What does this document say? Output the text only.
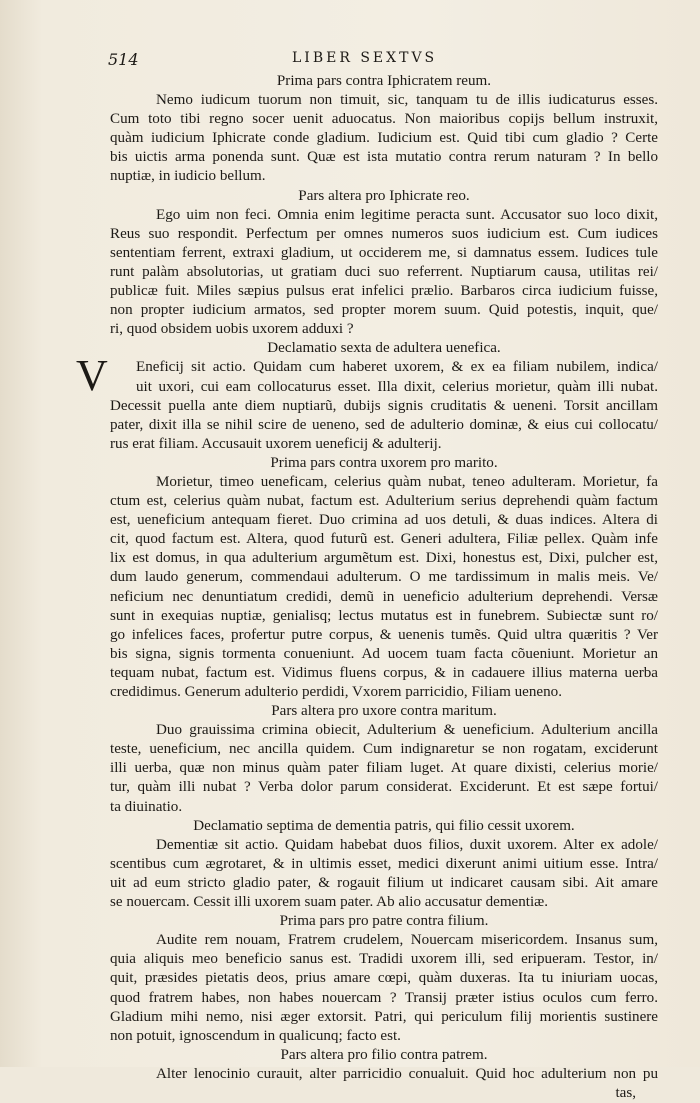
514	LIBER SEXTVS
Prima pars contra Iphicratem reum.
Nemo iudicum tuorum non timuit, sic, tanquam tu de illis iudicaturus esses.
Cum toto tibi regno socer uenit aduocatus. Non maioribus copijs bellum instruxit,
quàm iudicium Iphicrate conde gladium. Iudicium est. Quid tibi cum gladio ? Certe
bis uictis arma ponenda sunt. Quæ est ista mutatio contra rerum naturam ? In bello
nuptiæ, in iudicio bellum.
Pars altera pro Iphicrate reo.
Ego uim non feci. Omnia enim legitime peracta sunt. Accusator suo loco dixit,
Reus suo respondit. Perfectum per omnes numeros suos iudicium est. Cum iudices
sententiam ferrent, extraxi gladium, ut occiderem me, si damnatus essem. Iudices tule
runt palàm absolutorias, ut gratiam duci suo referrent. Nuptiarum causa, utilitas rei/
publicæ fuit. Miles sæpius pulsus erat infelici prælio. Barbaros circa iudicium fuisse,
non propter iudicium armatos, sed propter morem suum. Quid potestis, inquit, que/
ri, quod obsidem uobis uxorem adduxi ?
Declamatio sexta de adultera uenefica.
V Eneficij sit actio. Quidam cum haberet uxorem, & ex ea filiam nubilem, indica/
uit uxori, cui eam collocaturus esset. Illa dixit, celerius morietur, quàm illi nubat.
Decessit puella ante diem nuptiarũ, dubijs signis cruditatis & ueneni. Torsit ancillam
pater, dixit illa se nihil scire de ueneno, sed de adulterio dominæ, & eius cui collocatu/
rus erat filiam. Accusauit uxorem ueneficij & adulterij.
Prima pars contra uxorem pro marito.
Morietur, timeo ueneficam, celerius quàm nubat, teneo adulteram. Morietur, fa
ctum est, celerius quàm nubat, factum est. Adulterium serius deprehendi quàm factum
est, ueneficium antequam fieret. Duo crimina ad uos detuli, & duas indices. Altera di
cit, quod factum est. Altera, quod futurũ est. Generi adultera, Filiæ pellex. Quàm infe
lix est domus, in qua adulterium argumẽtum est. Dixi, honestus est, Dixi, pulcher est,
dum laudo generum, commendaui adulterum. O me tardissimum in malis meis. Ve/
neficium nec denuntiatum credidi, demũ in ueneficio adulterium deprehendi. Versæ
sunt in exequias nuptiæ, genialisq; lectus mutatus est in funebrem. Subiectæ sunt ro/
go infelices faces, profertur putre corpus, & uenenis tumẽs. Quid ultra quæritis ? Ver
bis signa, signis tormenta conueniunt. Ad uocem tuam facta cõueniunt. Morietur an
tequam nubat, factum est. Vidimus fluens corpus, & in cadauere illius materna uerba
credidimus. Generum adulterio perdidi, Vxorem parricidio, Filiam ueneno.
Pars altera pro uxore contra maritum.
Duo grauissima crimina obiecit, Adulterium & ueneficium. Adulterium ancilla
teste, ueneficium, nec ancilla quidem. Cum indignaretur se non rogatam, exciderunt
illi uerba, quæ non minus quàm pater filiam luget. At quare dixisti, celerius morie/
tur, quàm illi nubat ? Verba dolor parum considerat. Exciderunt. Et est sæpe fortui/
ta diuinatio.
Declamatio septima de dementia patris, qui filio cessit uxorem.
Dementiæ sit actio. Quidam habebat duos filios, duxit uxorem. Alter ex adole/
scentibus cum ægrotaret, & in ultimis esset, medici dixerunt animi uitium esse. Intra/
uit ad eum stricto gladio pater, & rogauit filium ut indicaret causam sibi. Ait amare
se nouercam. Cessit illi uxorem suam pater. Ab alio accusatur dementiæ.
Prima pars pro patre contra filium.
Audite rem nouam, Fratrem crudelem, Nouercam misericordem. Insanus sum,
quia aliquis meo beneficio sanus est. Tradidi uxorem illi, sed eripueram. Testor, in/
quit, præsides pietatis deos, prius amare cœpi, quàm duxeras. Ita tu iniuriam uocas,
quod fratrem habes, non habes nouercam ? Transij præter istius oculos cum ferro.
Gladium mihi nemo, nisi æger extorsit. Patri, qui periculum filij morientis sustinere
non potuit, ignoscendum in qualicunq; facto est.
Pars altera pro filio contra patrem.
Alter lenocinio curauit, alter parricidio conualuit. Quid hoc adulterium non pu
tas,
